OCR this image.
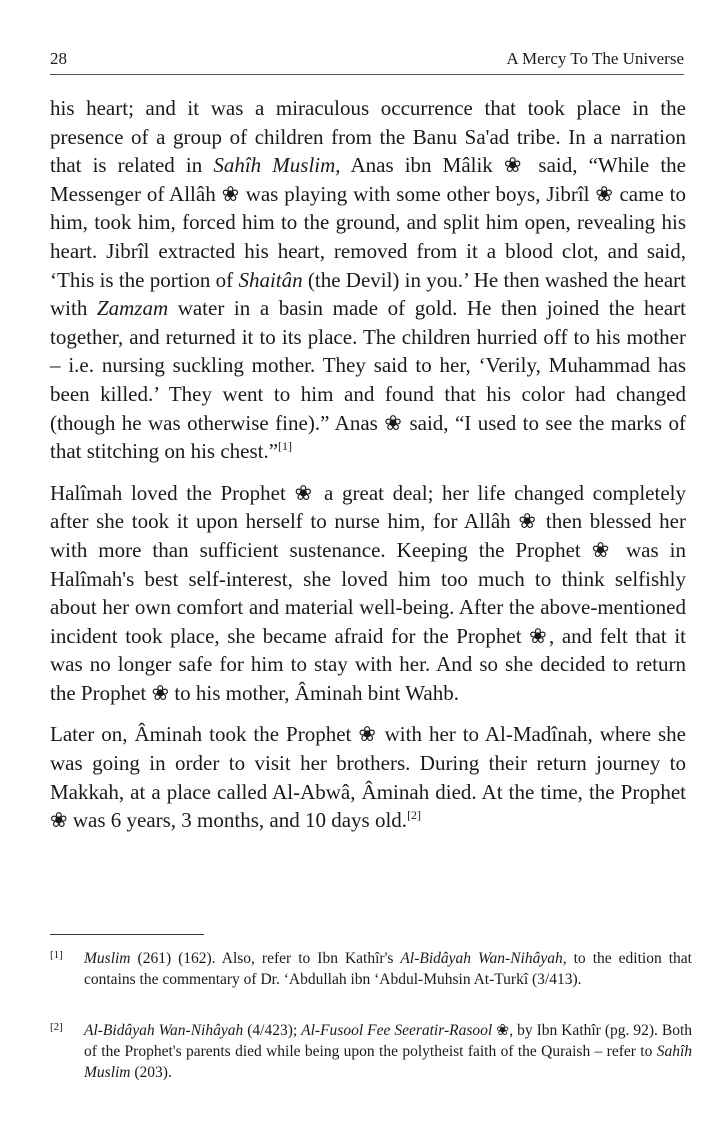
28	A Mercy To The Universe

his heart; and it was a miraculous occurrence that took place in the presence of a group of children from the Banu Sa'ad tribe. In a narration that is related in Sahîh Muslim, Anas ibn Mâlik ❀ said, “While the Messenger of Allâh ❀ was playing with some other boys, Jibrîl ❀ came to him, took him, forced him to the ground, and split him open, revealing his heart. Jibrîl extracted his heart, removed from it a blood clot, and said, ‘This is the portion of Shaitân (the Devil) in you.’ He then washed the heart with Zamzam water in a basin made of gold. He then joined the heart together, and returned it to its place. The children hurried off to his mother – i.e. nursing suckling mother. They said to her, ‘Verily, Muhammad has been killed.’ They went to him and found that his color had changed (though he was otherwise fine).” Anas ❀ said, “I used to see the marks of that stitching on his chest.”[1]

Halîmah loved the Prophet ❀ a great deal; her life changed completely after she took it upon herself to nurse him, for Allâh ❀ then blessed her with more than sufficient sustenance. Keeping the Prophet ❀ was in Halîmah's best self-interest, she loved him too much to think selfishly about her own comfort and material well-being. After the above-mentioned incident took place, she became afraid for the Prophet ❀, and felt that it was no longer safe for him to stay with her. And so she decided to return the Prophet ❀ to his mother, Âminah bint Wahb.

Later on, Âminah took the Prophet ❀ with her to Al-Madînah, where she was going in order to visit her brothers. During their return journey to Makkah, at a place called Al-Abwâ, Âminah died. At the time, the Prophet ❀ was 6 years, 3 months, and 10 days old.[2]

[1]	Muslim (261) (162). Also, refer to Ibn Kathîr's Al-Bidâyah Wan-Nihâyah, to the edition that contains the commentary of Dr. ‘Abdullah ibn ‘Abdul-Muhsin At-Turkî (3/413).
[2]	Al-Bidâyah Wan-Nihâyah (4/423); Al-Fusool Fee Seeratir-Rasool ❀, by Ibn Kathîr (pg. 92). Both of the Prophet's parents died while being upon the polytheist faith of the Quraish – refer to Sahîh Muslim (203).
